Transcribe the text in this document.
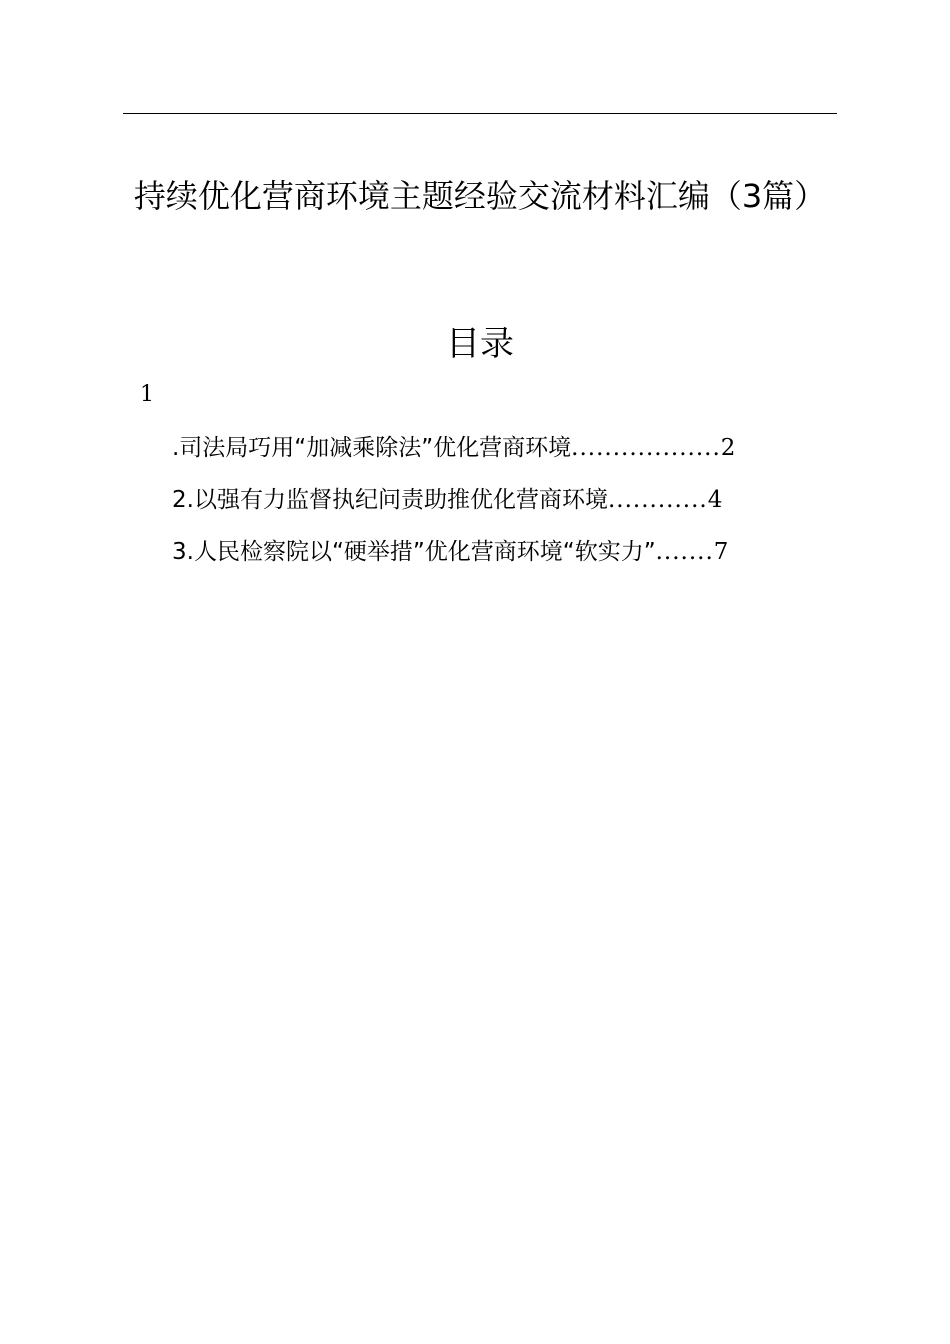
持续优化营商环境主题经验交流材料汇编（3篇）
目录
1
.司法局巧用“加减乘除法”优化营商环境 .................. 2
2.以强有力监督执纪问责助推优化营商环境 ............ 4
3.人民检察院以“硬举措”优化营商环境“软实力” ....... 7
